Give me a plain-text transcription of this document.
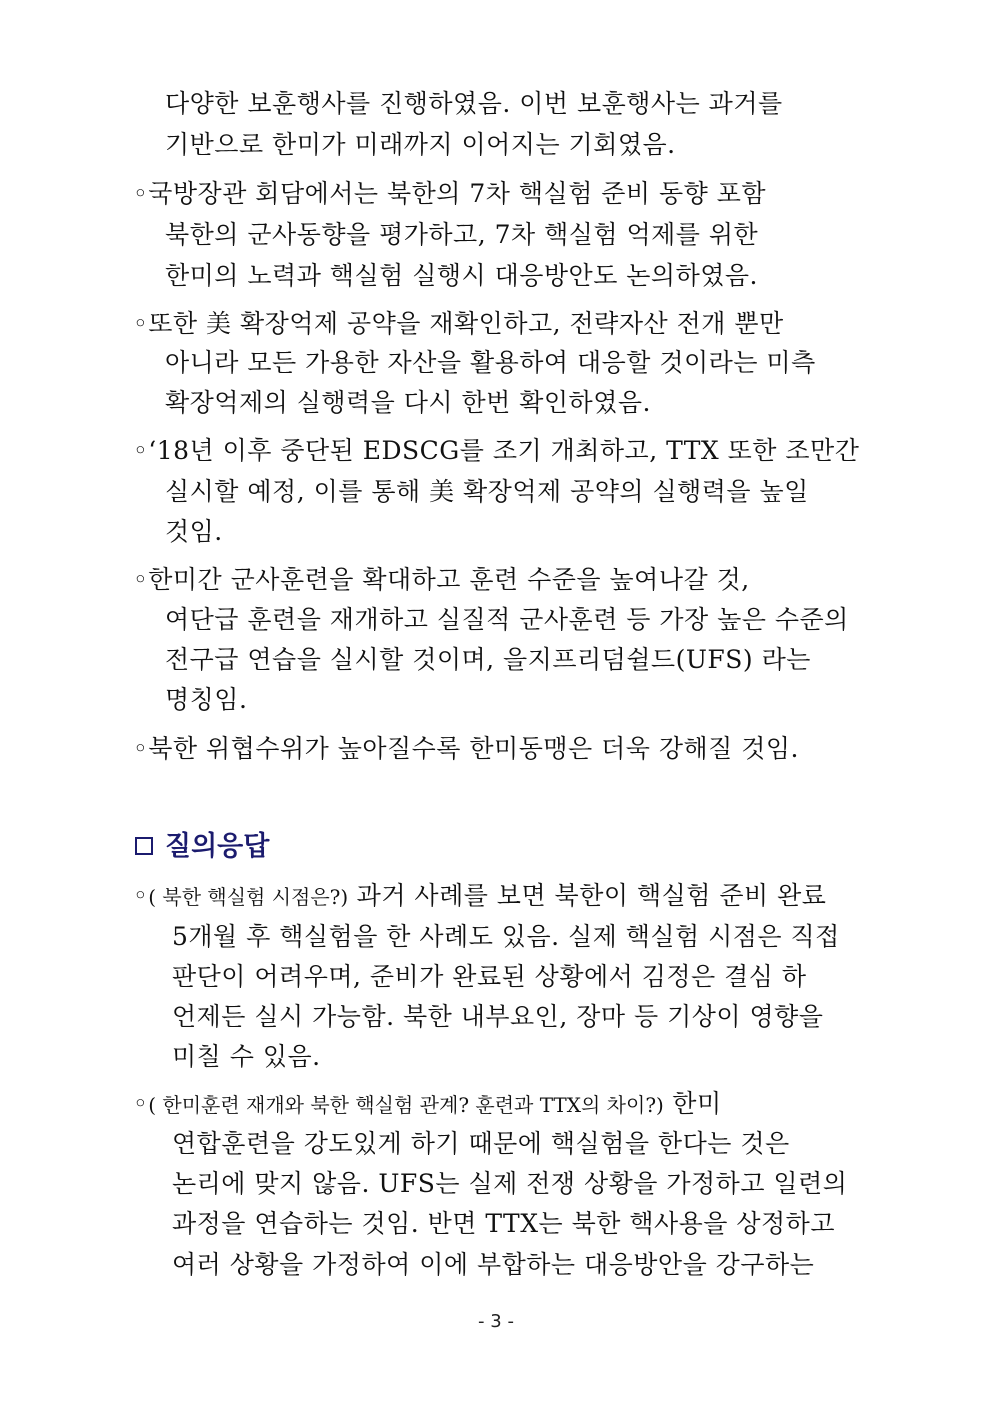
다양한 보훈행사를 진행하였음. 이번 보훈행사는 과거를
기반으로 한미가 미래까지 이어지는 기회였음.
◦국방장관 회담에서는 북한의 7차 핵실험 준비 동향 포함
북한의 군사동향을 평가하고, 7차 핵실험 억제를 위한
한미의 노력과 핵실험 실행시 대응방안도 논의하였음.
◦또한 美 확장억제 공약을 재확인하고, 전략자산 전개 뿐만
아니라 모든 가용한 자산을 활용하여 대응할 것이라는 미측
확장억제의 실행력을 다시 한번 확인하였음.
◦‘18년 이후 중단된 EDSCG를 조기 개최하고, TTX 또한 조만간
실시할 예정, 이를 통해 美 확장억제 공약의 실행력을 높일
것임.
◦한미간 군사훈련을 확대하고 훈련 수준을 높여나갈 것,
여단급 훈련을 재개하고 실질적 군사훈련 등 가장 높은 수준의
전구급 연습을 실시할 것이며, 을지프리덤쉴드(UFS) 라는
명칭임.
◦북한 위협수위가 높아질수록 한미동맹은 더욱 강해질 것임.
질의응답
◦( 북한 핵실험 시점은?) 과거 사례를 보면 북한이 핵실험 준비 완료
5개월 후 핵실험을 한 사례도 있음. 실제 핵실험 시점은 직접
판단이 어려우며, 준비가 완료된 상황에서 김정은 결심 하
언제든 실시 가능함. 북한 내부요인, 장마 등 기상이 영향을
미칠 수 있음.
◦( 한미훈련 재개와 북한 핵실험 관계? 훈련과 TTX의 차이?) 한미
연합훈련을 강도있게 하기 때문에 핵실험을 한다는 것은
논리에 맞지 않음. UFS는 실제 전쟁 상황을 가정하고 일련의
과정을 연습하는 것임. 반면 TTX는 북한 핵사용을 상정하고
여러 상황을 가정하여 이에 부합하는 대응방안을 강구하는
- 3 -
